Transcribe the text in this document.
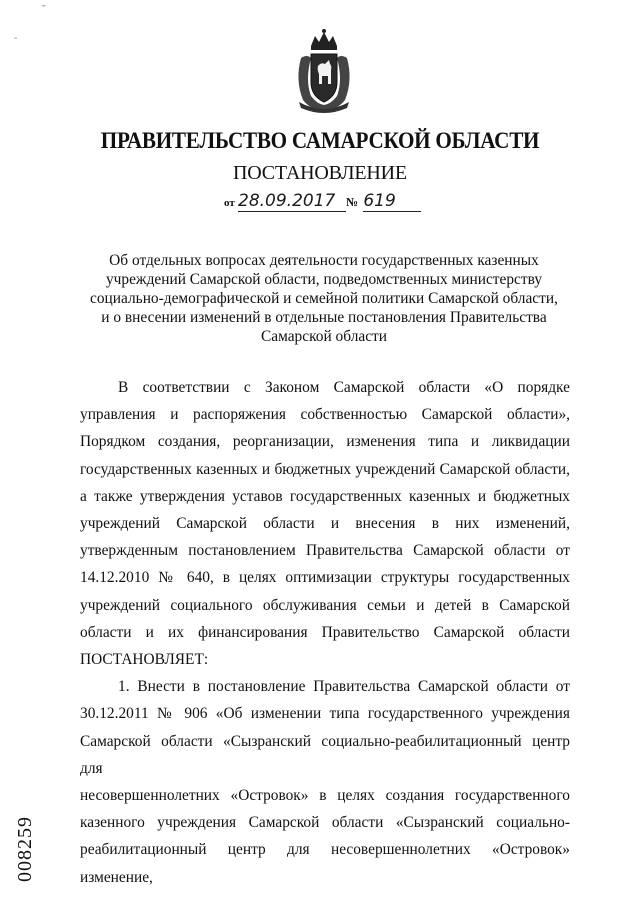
ˇ
-
ПРАВИТЕЛЬСТВО САМАРСКОЙ ОБЛАСТИ
ПОСТАНОВЛЕНИЕ
от 28.09.2017 № 619
Об отдельных вопросах деятельности государственных казенных
учреждений Самарской области, подведомственных министерству
социально-демографической и семейной политики Самарской области,
и о внесении изменений в отдельные постановления Правительства
Самарской области

В соответствии с Законом Самарской области «О порядке

управления и распоряжения собственностью Самарской области»,

Порядком создания, реорганизации, изменения типа и ликвидации

государственных казенных и бюджетных учреждений Самарской области,

а также утверждения уставов государственных казенных и бюджетных

учреждений Самарской области и внесения в них изменений,

утвержденным постановлением Правительства Самарской области от

14.12.2010 № 640, в целях оптимизации структуры государственных

учреждений социального обслуживания семьи и детей в Самарской

области и их финансирования Правительство Самарской области

ПОСТАНОВЛЯЕТ:

1. Внести в постановление Правительства Самарской области от

30.12.2011 № 906 «Об изменении типа государственного учреждения

Самарской области «Сызранский социально-реабилитационный центр для

несовершеннолетних «Островок» в целях создания государственного

казенного учреждения Самарской области «Сызранский социально-

реабилитационный центр для несовершеннолетних «Островок» изменение,

008259
